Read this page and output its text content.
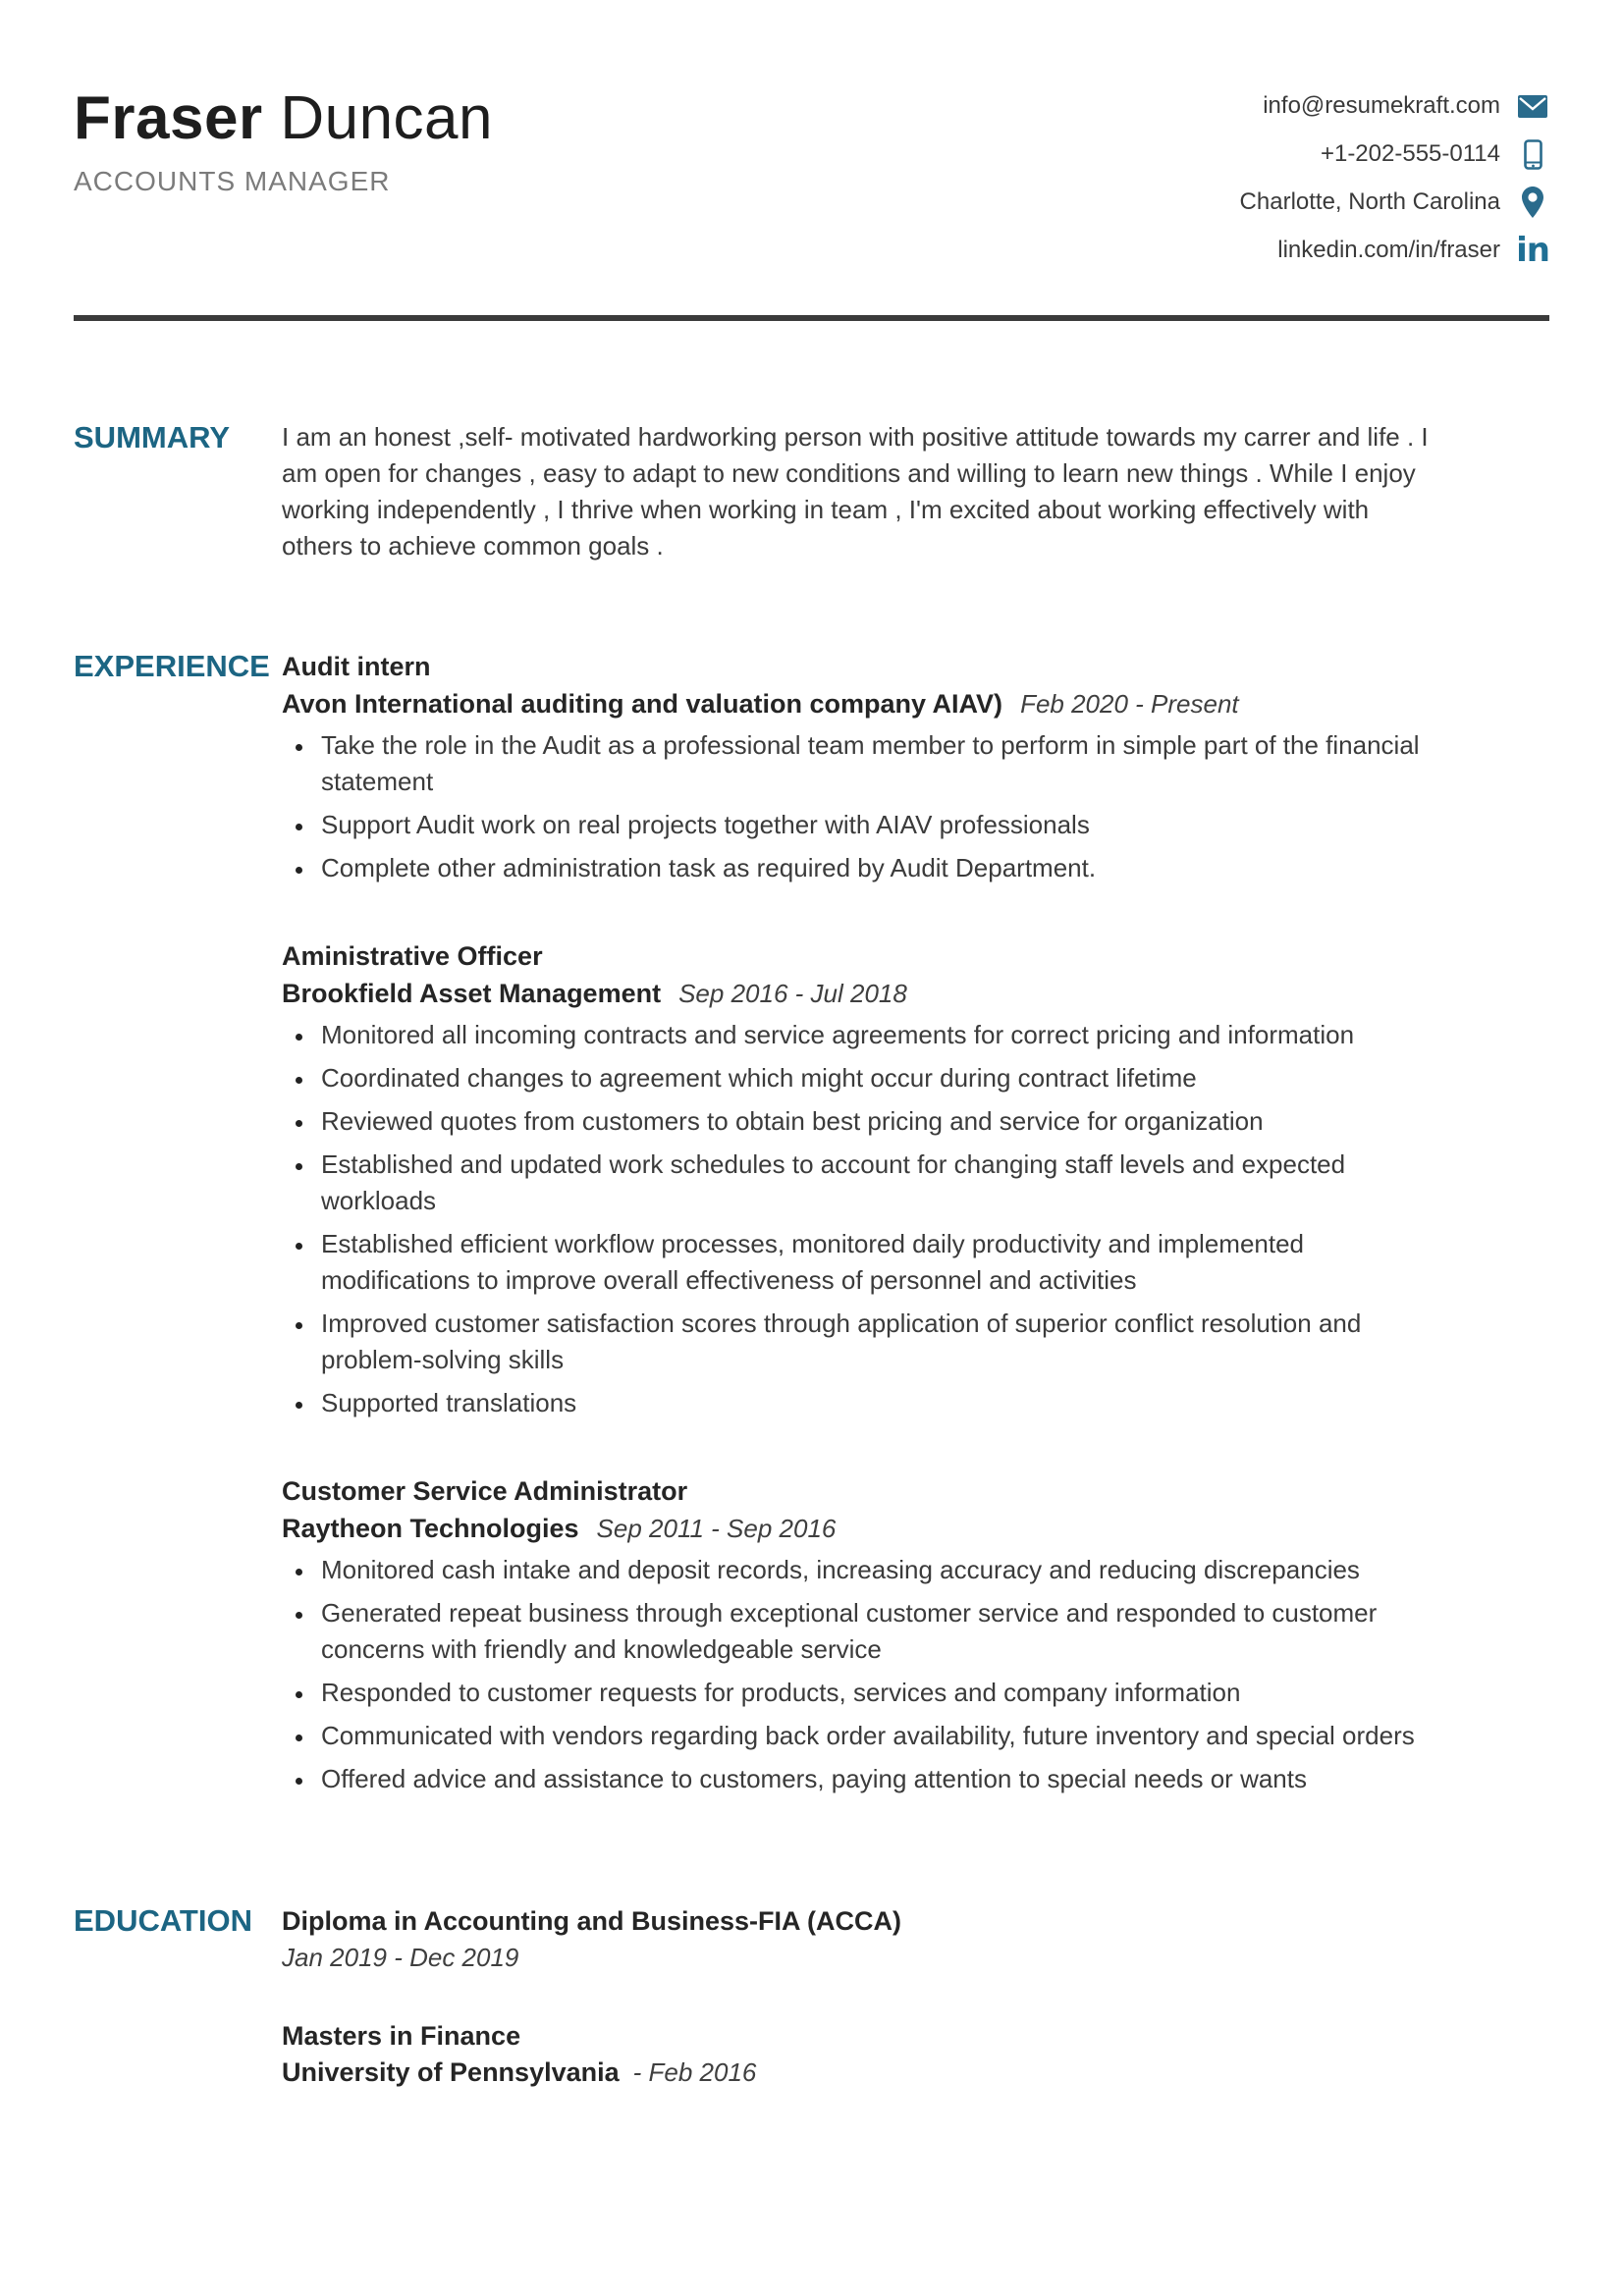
Fraser Duncan
ACCOUNTS MANAGER
info@resumekraft.com
+1-202-555-0114
Charlotte, North Carolina
linkedin.com/in/fraser in
SUMMARY	I am an honest ,self- motivated hardworking person with positive attitude towards my carrer and life . I am open for changes , easy to adapt to new conditions and willing to learn new things . While I enjoy working independently , I thrive when working in team , I'm excited about working effectively with others to achieve common goals .
EXPERIENCE Audit intern
Avon International auditing and valuation company AIAV) Feb 2020 - Present
• Take the role in the Audit as a professional team member to perform in simple part of the financial statement
• Support Audit work on real projects together with AIAV professionals
• Complete other administration task as required by Audit Department.
Aministrative Officer
Brookfield Asset Management Sep 2016 - Jul 2018
• Monitored all incoming contracts and service agreements for correct pricing and information
• Coordinated changes to agreement which might occur during contract lifetime
• Reviewed quotes from customers to obtain best pricing and service for organization
• Established and updated work schedules to account for changing staff levels and expected workloads
• Established efficient workflow processes, monitored daily productivity and implemented modifications to improve overall effectiveness of personnel and activities
• Improved customer satisfaction scores through application of superior conflict resolution and problem-solving skills
• Supported translations
Customer Service Administrator
Raytheon Technologies Sep 2011 - Sep 2016
• Monitored cash intake and deposit records, increasing accuracy and reducing discrepancies
• Generated repeat business through exceptional customer service and responded to customer concerns with friendly and knowledgeable service
• Responded to customer requests for products, services and company information
• Communicated with vendors regarding back order availability, future inventory and special orders
• Offered advice and assistance to customers, paying attention to special needs or wants
EDUCATION	Diploma in Accounting and Business-FIA (ACCA)
Jan 2019 - Dec 2019
Masters in Finance
University of Pennsylvania - Feb 2016
